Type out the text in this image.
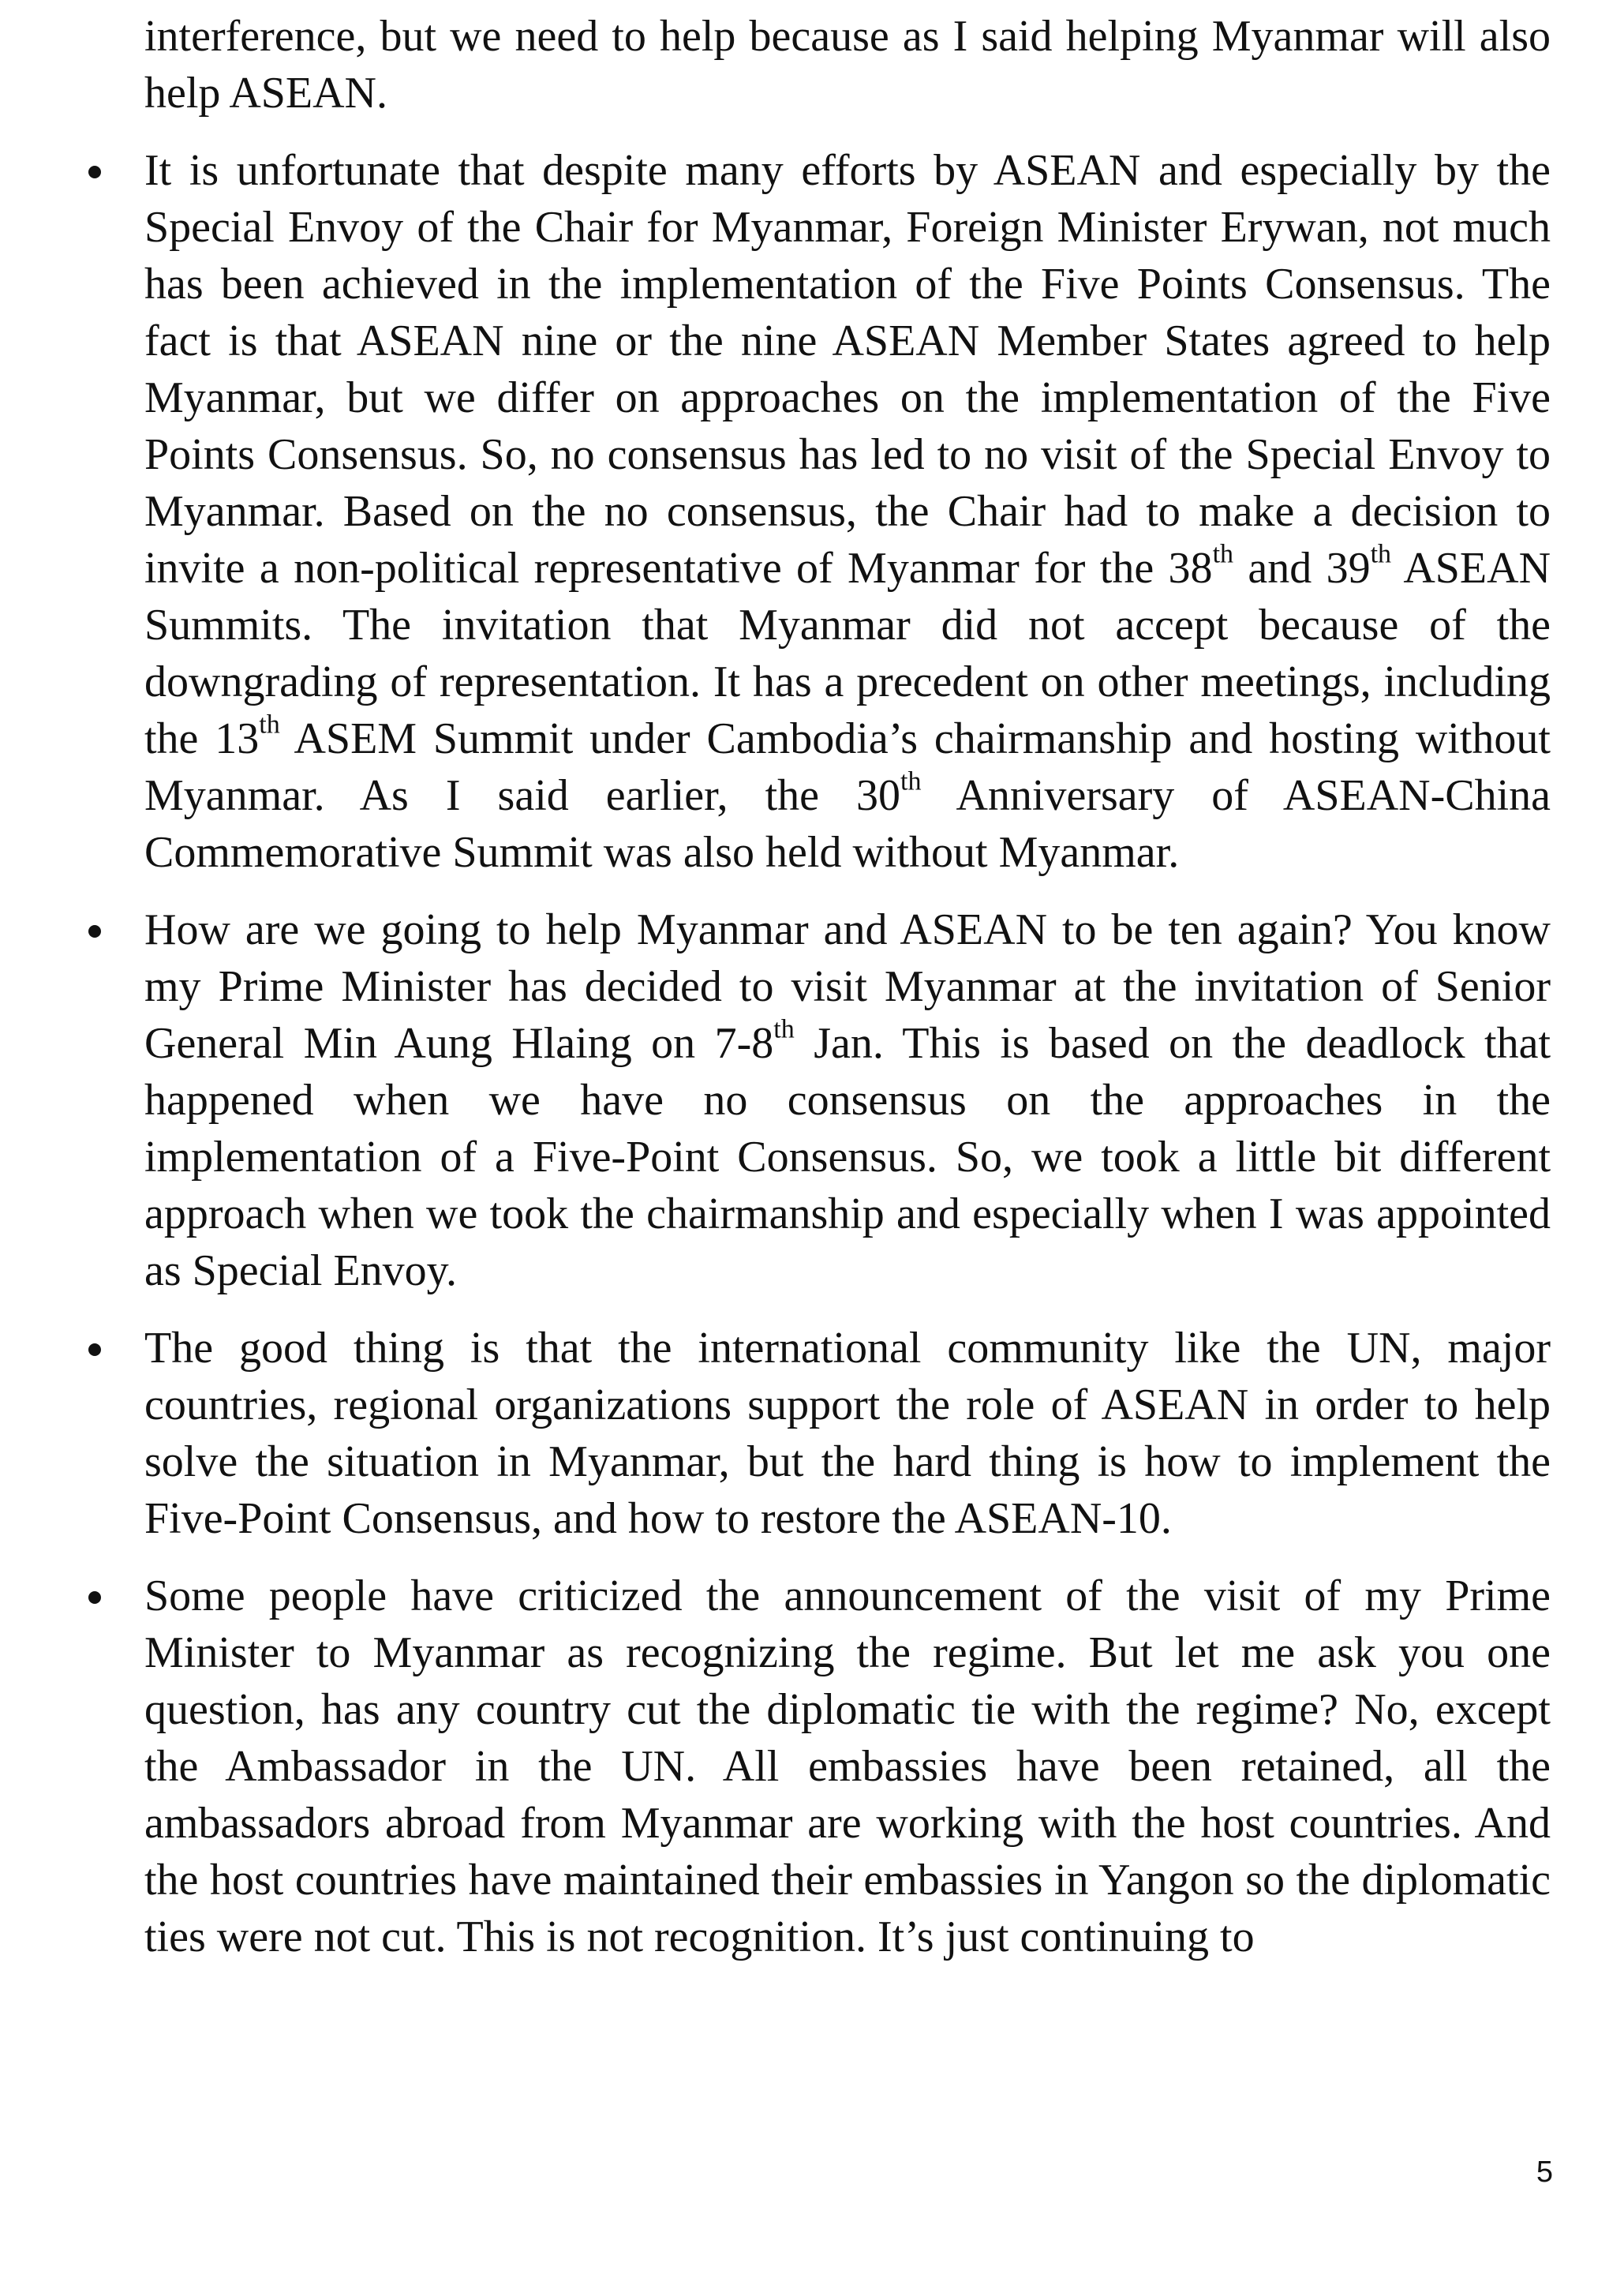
interference, but we need to help because as I said helping Myanmar will also help ASEAN.

It is unfortunate that despite many efforts by ASEAN and especially by the Special Envoy of the Chair for Myanmar, Foreign Minister Erywan, not much has been achieved in the implementation of the Five Points Consensus. The fact is that ASEAN nine or the nine ASEAN Member States agreed to help Myanmar, but we differ on approaches on the implementation of the Five Points Consensus. So, no consensus has led to no visit of the Special Envoy to Myanmar. Based on the no consensus, the Chair had to make a decision to invite a non-political representative of Myanmar for the 38th and 39th ASEAN Summits. The invitation that Myanmar did not accept because of the downgrading of representation. It has a precedent on other meetings, including the 13th ASEM Summit under Cambodia’s chairmanship and hosting without Myanmar. As I said earlier, the 30th Anniversary of ASEAN-China Commemorative Summit was also held without Myanmar.
How are we going to help Myanmar and ASEAN to be ten again? You know my Prime Minister has decided to visit Myanmar at the invitation of Senior General Min Aung Hlaing on 7-8th Jan. This is based on the deadlock that happened when we have no consensus on the approaches in the implementation of a Five-Point Consensus. So, we took a little bit different approach when we took the chairmanship and especially when I was appointed as Special Envoy.
The good thing is that the international community like the UN, major countries, regional organizations support the role of ASEAN in order to help solve the situation in Myanmar, but the hard thing is how to implement the Five-Point Consensus, and how to restore the ASEAN-10.
Some people have criticized the announcement of the visit of my Prime Minister to Myanmar as recognizing the regime. But let me ask you one question, has any country cut the diplomatic tie with the regime? No, except the Ambassador in the UN. All embassies have been retained, all the ambassadors abroad from Myanmar are working with the host countries. And the host countries have maintained their embassies in Yangon so the diplomatic ties were not cut. This is not recognition. It’s just continuing to
5
